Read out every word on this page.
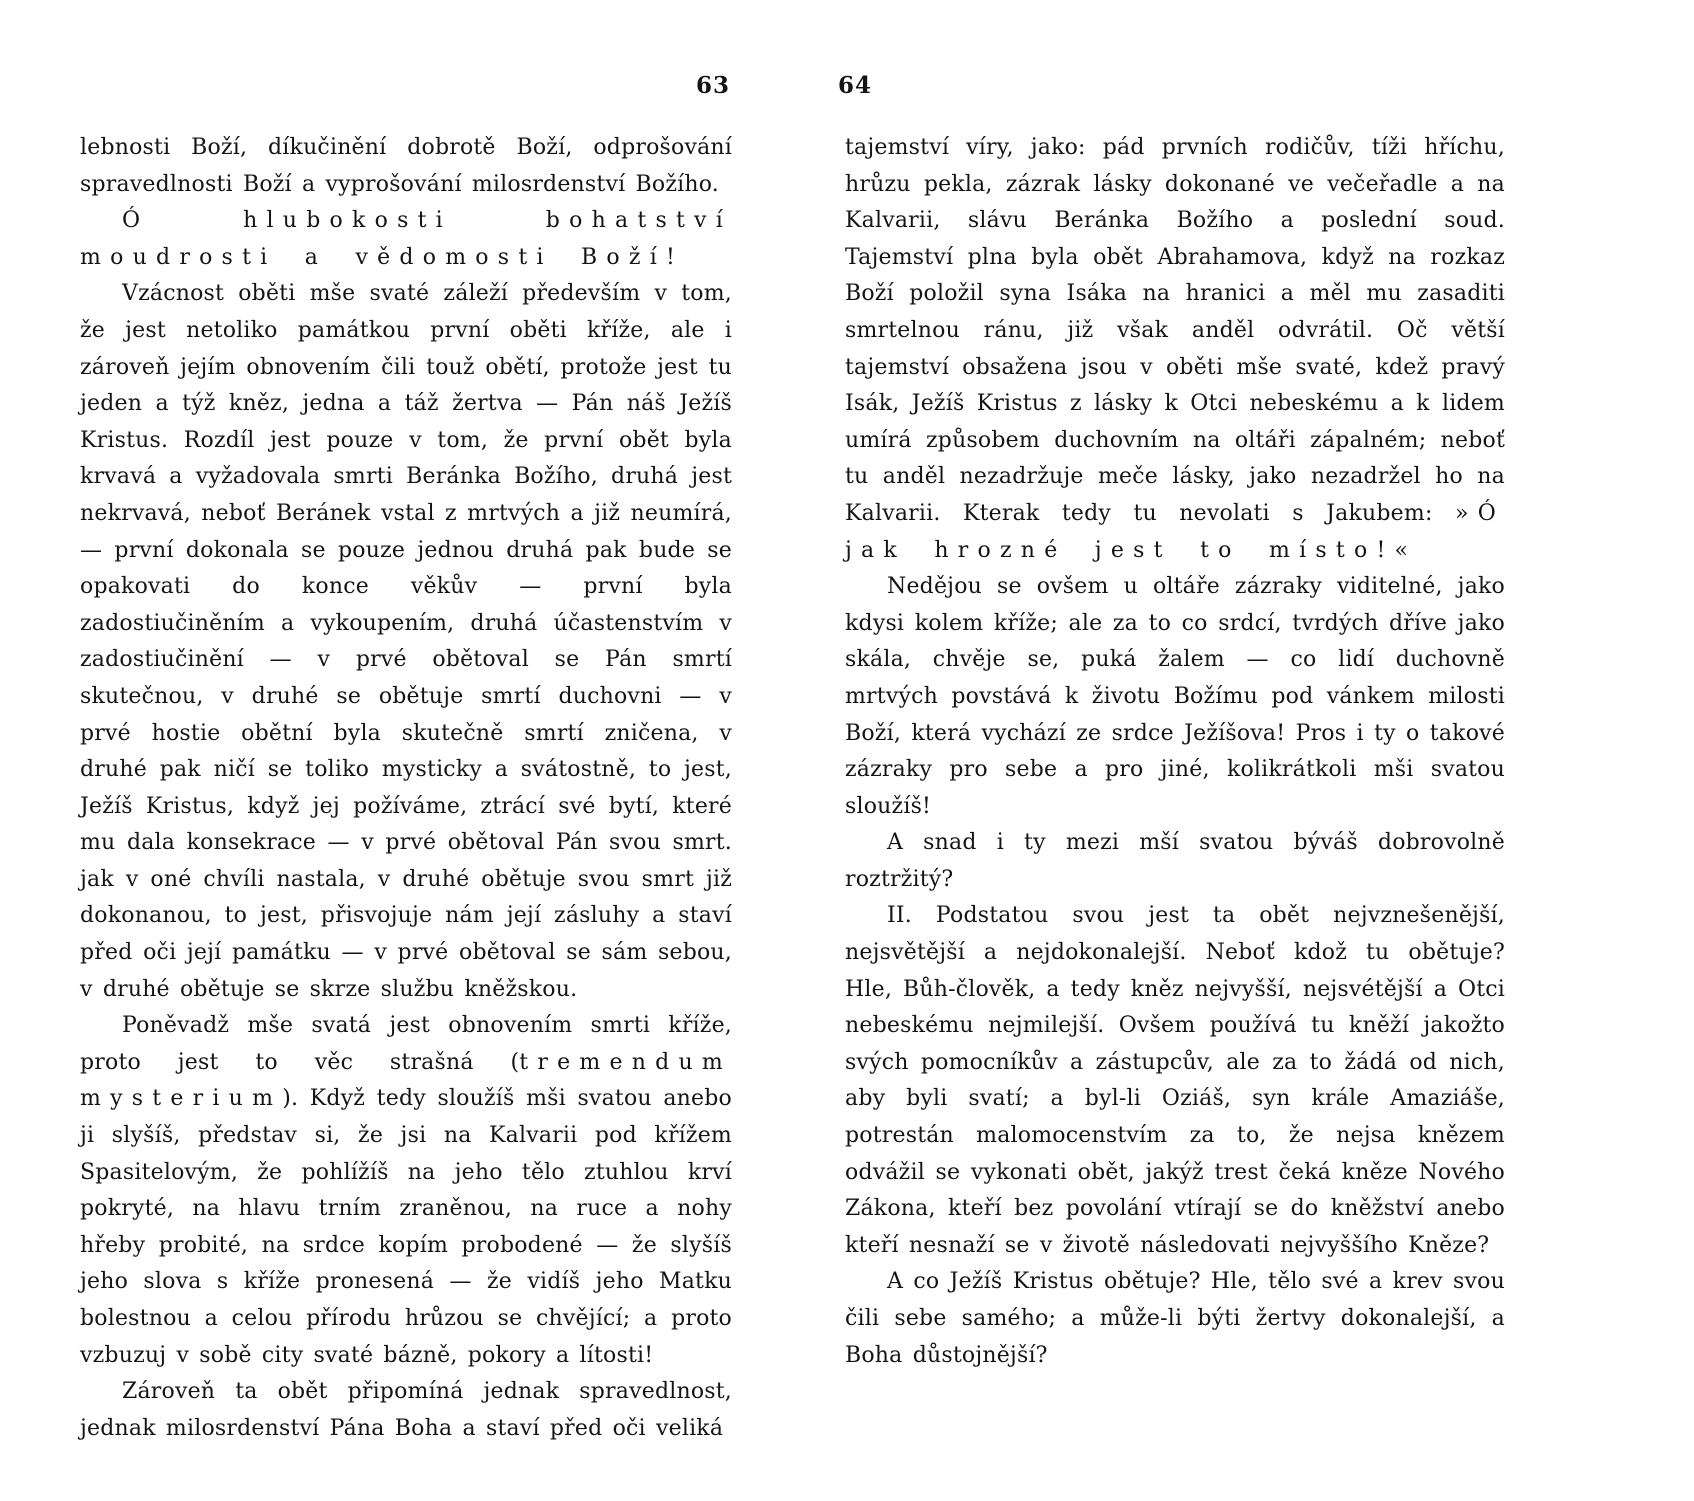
63	64

lebnosti Boží, díkučinění dobrotě Boží, odprošování spravedlnosti Boží a vyprošování milosrdenství Božího.

Ó hlubokosti bohatství moudrosti a vědomosti Boží!

Vzácnost oběti mše svaté záleží především v tom, že jest netoliko památkou první oběti kříže, ale i zároveň jejím obnovením čili touž obětí, protože jest tu jeden a týž kněz, jedna a táž žertva — Pán náš Ježíš Kristus. Rozdíl jest pouze v tom, že první obět byla krvavá a vyžadovala smrti Beránka Božího, druhá jest nekrvavá, neboť Beránek vstal z mrtvých a již neumírá, — první dokonala se pouze jednou druhá pak bude se opakovati do konce věkův — první byla zadostiučiněním a vykoupením, druhá účastenstvím v zadostiučinění — v prvé obětoval se Pán smrtí skutečnou, v druhé se obětuje smrtí duchovni — v prvé hostie obětní byla skutečně smrtí zničena, v druhé pak ničí se toliko mysticky a svátostně, to jest, Ježíš Kristus, když jej požíváme, ztrácí své bytí, které mu dala konsekrace — v prvé obětoval Pán svou smrt. jak v oné chvíli nastala, v druhé obětuje svou smrt již dokonanou, to jest, přisvojuje nám její zásluhy a staví před oči její památku — v prvé obětoval se sám sebou, v druhé obětuje se skrze službu kněžskou.

Poněvadž mše svatá jest obnovením smrti kříže, proto jest to věc strašná (tremendum mysterium). Když tedy sloužíš mši svatou anebo ji slyšíš, představ si, že jsi na Kalvarii pod křížem Spasitelovým, že pohlížíš na jeho tělo ztuhlou krví pokryté, na hlavu trním zraněnou, na ruce a nohy hřeby probité, na srdce kopím probodené — že slyšíš jeho slova s kříže pronesená — že vidíš jeho Matku bolestnou a celou přírodu hrůzou se chvějící; a proto vzbuzuj v sobě city svaté bázně, pokory a lítosti!

Zároveň ta obět připomíná jednak spravedlnost, jednak milosrdenství Pána Boha a staví před oči veliká

tajemství víry, jako: pád prvních rodičův, tíži hříchu, hrůzu pekla, zázrak lásky dokonané ve večeřadle a na Kalvarii, slávu Beránka Božího a poslední soud. Tajemství plna byla obět Abrahamova, když na rozkaz Boží položil syna Isáka na hranici a měl mu zasaditi smrtelnou ránu, již však anděl odvrátil. Oč větší tajemství obsažena jsou v oběti mše svaté, kdež pravý Isák, Ježíš Kristus z lásky k Otci nebeskému a k lidem umírá způsobem duchovním na oltáři zápalném; neboť tu anděl nezadržuje meče lásky, jako nezadržel ho na Kalvarii. Kterak tedy tu nevolati s Jakubem: »Ó jak hrozné jest to místo!«

Nedějou se ovšem u oltáře zázraky viditelné, jako kdysi kolem kříže; ale za to co srdcí, tvrdých dříve jako skála, chvěje se, puká žalem — co lidí duchovně mrtvých povstává k životu Božímu pod vánkem milosti Boží, která vychází ze srdce Ježíšova! Pros i ty o takové zázraky pro sebe a pro jiné, kolikrátkoli mši svatou sloužíš!

A snad i ty mezi mší svatou býváš dobrovolně roztržitý?

II. Podstatou svou jest ta obět nejvznešenější, nejsvětější a nejdokonalejší. Neboť kdož tu obětuje? Hle, Bůh-člověk, a tedy kněz nejvyšší, nejsvétější a Otci nebeskému nejmilejší. Ovšem používá tu kněží jakožto svých pomocníkův a zástupcův, ale za to žádá od nich, aby byli svatí; a byl-li Oziáš, syn krále Amaziáše, potrestán malomocenstvím za to, že nejsa knězem odvážil se vykonati obět, jakýž trest čeká kněze Nového Zákona, kteří bez povolání vtírají se do kněžství anebo kteří nesnaží se v životě následovati nejvyššího Kněze?

A co Ježíš Kristus obětuje? Hle, tělo své a krev svou čili sebe samého; a může-li býti žertvy dokonalejší, a Boha důstojnější?
